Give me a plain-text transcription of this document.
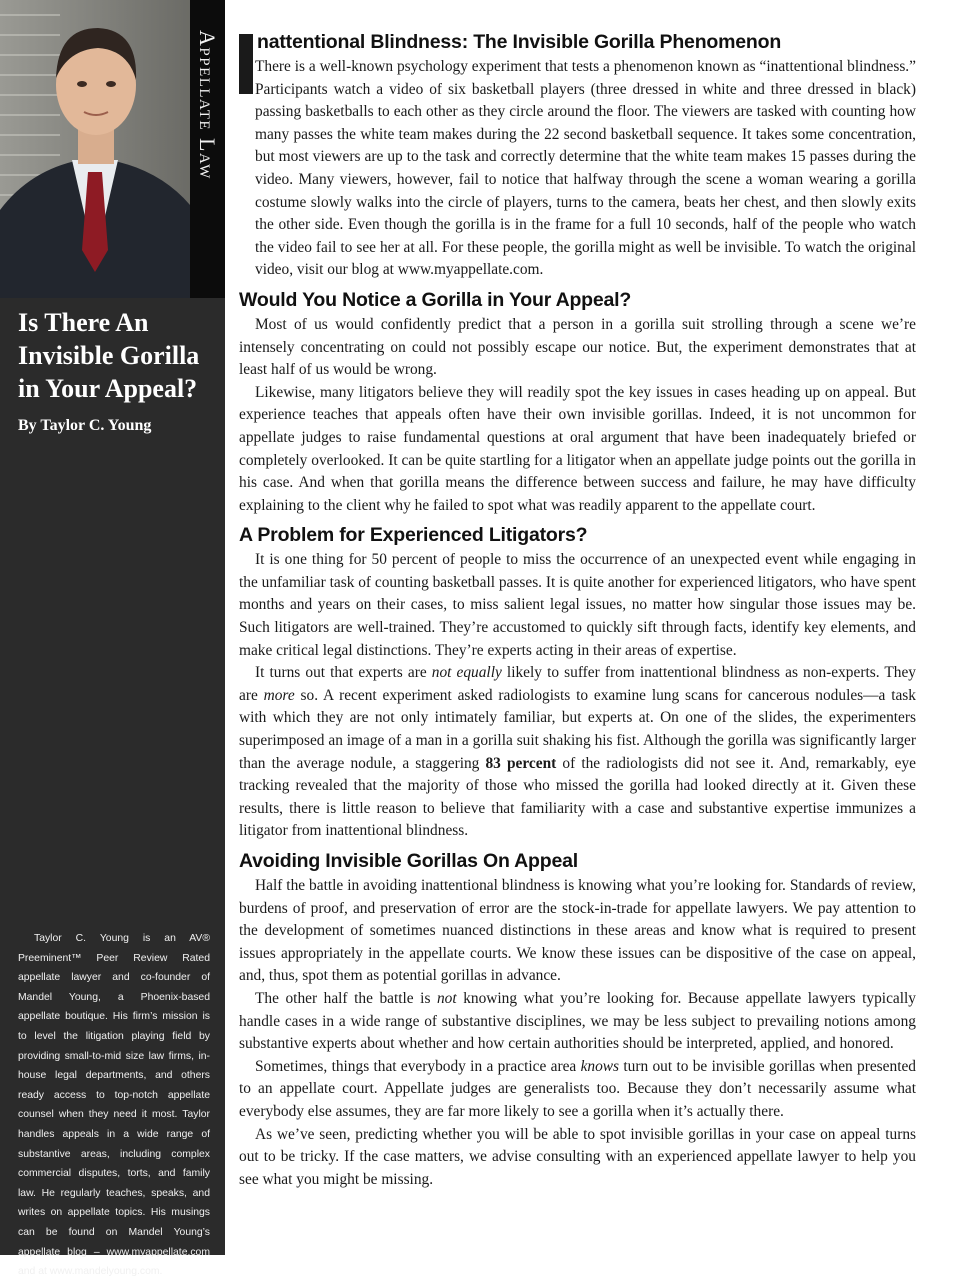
Appellate Law
Is There An Invisible Gorilla in Your Appeal?
By Taylor C. Young

Taylor C. Young is an AV® Preeminent™ Peer Review Rated appellate lawyer and co-founder of Mandel Young, a Phoenix-based appellate boutique. His firm’s mission is to level the litigation playing field by providing small-to-mid size law firms, in-house legal departments, and others ready access to top-notch appellate counsel when they need it most. Taylor handles appeals in a wide range of substantive areas, including complex commercial disputes, torts, and family law. He regularly teaches, speaks, and writes on appellate topics. His musings can be found on Mandel Young’s appellate blog – www.myappellate.com and at www.mandelyoung.com.

nattentional Blindness: The Invisible Gorilla Phenomenon

There is a well-known psychology experiment that tests a phenomenon known as “inattentional blindness.” Participants watch a video of six basketball players (three dressed in white and three dressed in black) passing basketballs to each other as they circle around the floor. The viewers are tasked with counting how many passes the white team makes during the 22 second basketball sequence. It takes some concentration, but most viewers are up to the task and correctly determine that the white team makes 15 passes during the video. Many viewers, however, fail to notice that halfway through the scene a woman wearing a gorilla costume slowly walks into the circle of players, turns to the camera, beats her chest, and then slowly exits the other side. Even though the gorilla is in the frame for a full 10 seconds, half of the people who watch the video fail to see her at all. For these people, the gorilla might as well be invisible. To watch the original video, visit our blog at www.myappellate.com.

Would You Notice a Gorilla in Your Appeal?

Most of us would confidently predict that a person in a gorilla suit strolling through a scene we’re intensely concentrating on could not possibly escape our notice. But, the experiment demonstrates that at least half of us would be wrong.

Likewise, many litigators believe they will readily spot the key issues in cases heading up on appeal. But experience teaches that appeals often have their own invisible gorillas. Indeed, it is not uncommon for appellate judges to raise fundamental questions at oral argument that have been inadequately briefed or completely overlooked. It can be quite startling for a litigator when an appellate judge points out the gorilla in his case. And when that gorilla means the difference between success and failure, he may have difficulty explaining to the client why he failed to spot what was readily apparent to the appellate court.

A Problem for Experienced Litigators?

It is one thing for 50 percent of people to miss the occurrence of an unexpected event while engaging in the unfamiliar task of counting basketball passes. It is quite another for experienced litigators, who have spent months and years on their cases, to miss salient legal issues, no matter how singular those issues may be. Such litigators are well-trained. They’re accustomed to quickly sift through facts, identify key elements, and make critical legal distinctions. They’re experts acting in their areas of expertise.

It turns out that experts are not equally likely to suffer from inattentional blindness as non-experts. They are more so. A recent experiment asked radiologists to examine lung scans for cancerous nodules—a task with which they are not only intimately familiar, but experts at. On one of the slides, the experimenters superimposed an image of a man in a gorilla suit shaking his fist. Although the gorilla was significantly larger than the average nodule, a staggering 83 percent of the radiologists did not see it. And, remarkably, eye tracking revealed that the majority of those who missed the gorilla had looked directly at it. Given these results, there is little reason to believe that familiarity with a case and substantive expertise immunizes a litigator from inattentional blindness.

Avoiding Invisible Gorillas On Appeal

Half the battle in avoiding inattentional blindness is knowing what you’re looking for. Standards of review, burdens of proof, and preservation of error are the stock-in-trade for appellate lawyers. We pay attention to the development of sometimes nuanced distinctions in these areas and know what is required to present issues appropriately in the appellate courts. We know these issues can be dispositive of the case on appeal, and, thus, spot them as potential gorillas in advance.

The other half the battle is not knowing what you’re looking for. Because appellate lawyers typically handle cases in a wide range of substantive disciplines, we may be less subject to prevailing notions among substantive experts about whether and how certain authorities should be interpreted, applied, and honored.

Sometimes, things that everybody in a practice area knows turn out to be invisible gorillas when presented to an appellate court. Appellate judges are generalists too. Because they don’t necessarily assume what everybody else assumes, they are far more likely to see a gorilla when it’s actually there.

As we’ve seen, predicting whether you will be able to spot invisible gorillas in your case on appeal turns out to be tricky. If the case matters, we advise consulting with an experienced appellate lawyer to help you see what you might be missing.
